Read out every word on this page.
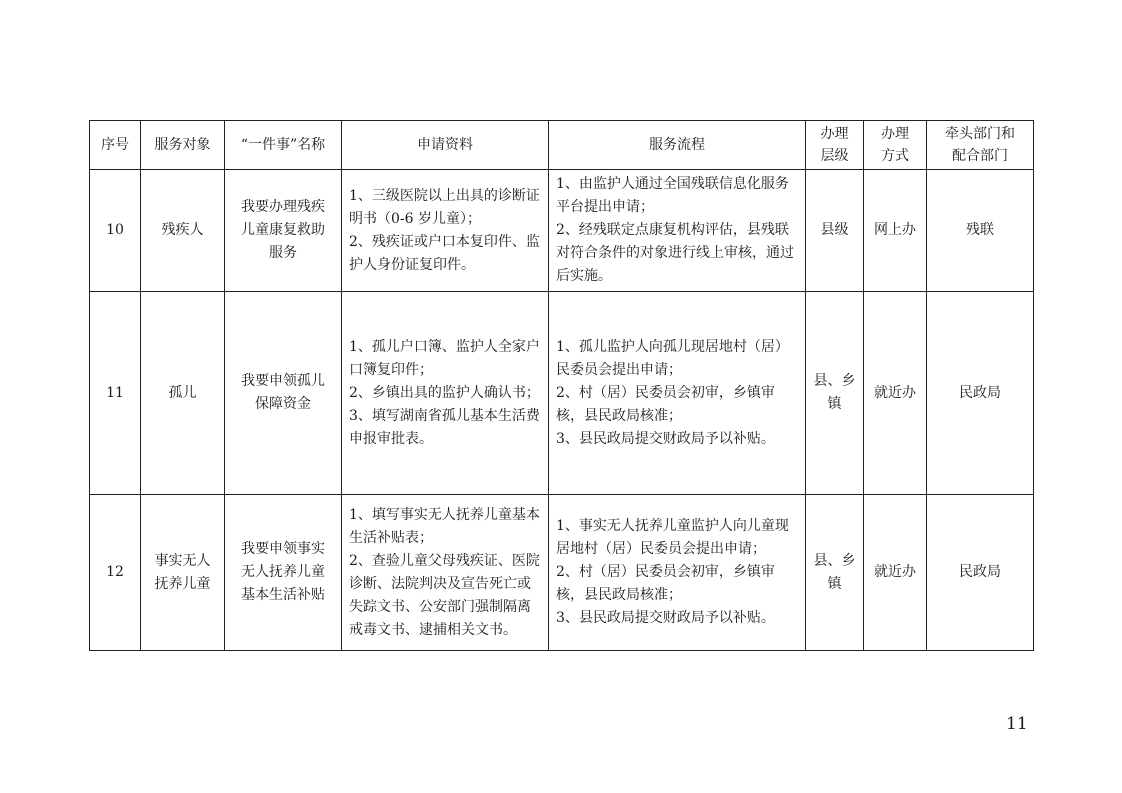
序号	服务对象	“一件事”名称	申请资料	服务流程	办理
层级	办理
方式	牵头部门和
配合部门

10	残疾人	我要办理残疾
儿童康复救助
服务	1、三级医院以上出具的诊断证明书（0-6 岁儿童）；
2、残疾证或户口本复印件、监护人身份证复印件。	1、由监护人通过全国残联信息化服务平台提出申请；
2、经残联定点康复机构评估，县残联对符合条件的对象进行线上审核，通过后实施。	县级	网上办	残联
11	孤儿	我要申领孤儿
保障资金	1、孤儿户口簿、监护人全家户口簿复印件；
2、乡镇出具的监护人确认书；
3、填写湖南省孤儿基本生活费申报审批表。	1、孤儿监护人向孤儿现居地村（居）民委员会提出申请；
2、村（居）民委员会初审，乡镇审核，县民政局核准；
3、县民政局提交财政局予以补贴。	县、乡
镇	就近办	民政局
12	事实无人
抚养儿童	我要申领事实
无人抚养儿童
基本生活补贴	1、填写事实无人抚养儿童基本生活补贴表；
2、查验儿童父母残疾证、医院诊断、法院判决及宣告死亡或失踪文书、公安部门强制隔离戒毒文书、逮捕相关文书。	1、事实无人抚养儿童监护人向儿童现居地村（居）民委员会提出申请；
2、村（居）民委员会初审，乡镇审核，县民政局核准；
3、县民政局提交财政局予以补贴。	县、乡
镇	就近办	民政局
11
